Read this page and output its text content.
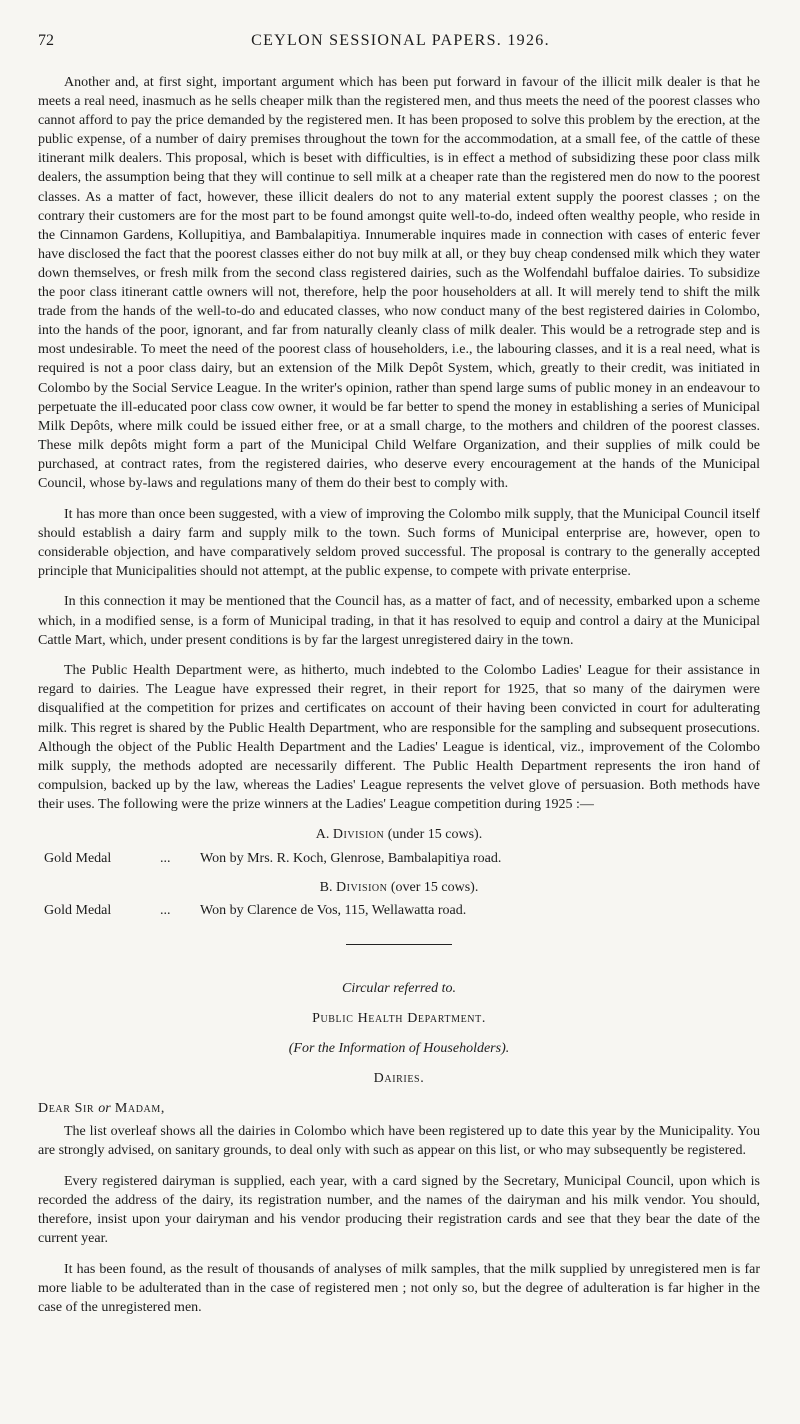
72	CEYLON SESSIONAL PAPERS. 1926.

Another and, at first sight, important argument which has been put forward in favour of the illicit milk dealer is that he meets a real need, inasmuch as he sells cheaper milk than the registered men, and thus meets the need of the poorest classes who cannot afford to pay the price demanded by the registered men. It has been proposed to solve this problem by the erection, at the public expense, of a number of dairy premises throughout the town for the accommodation, at a small fee, of the cattle of these itinerant milk dealers. This proposal, which is beset with difficulties, is in effect a method of subsidizing these poor class milk dealers, the assumption being that they will continue to sell milk at a cheaper rate than the registered men do now to the poorest classes. As a matter of fact, however, these illicit dealers do not to any material extent supply the poorest classes ; on the contrary their customers are for the most part to be found amongst quite well-to-do, indeed often wealthy people, who reside in the Cinnamon Gardens, Kollupitiya, and Bambalapitiya. Innumerable inquires made in connection with cases of enteric fever have disclosed the fact that the poorest classes either do not buy milk at all, or they buy cheap condensed milk which they water down themselves, or fresh milk from the second class registered dairies, such as the Wolfendahl buffaloe dairies. To subsidize the poor class itinerant cattle owners will not, therefore, help the poor householders at all. It will merely tend to shift the milk trade from the hands of the well-to-do and educated classes, who now conduct many of the best registered dairies in Colombo, into the hands of the poor, ignorant, and far from naturally cleanly class of milk dealer. This would be a retrograde step and is most undesirable. To meet the need of the poorest class of householders, i.e., the labouring classes, and it is a real need, what is required is not a poor class dairy, but an extension of the Milk Depôt System, which, greatly to their credit, was initiated in Colombo by the Social Service League. In the writer's opinion, rather than spend large sums of public money in an endeavour to perpetuate the ill-educated poor class cow owner, it would be far better to spend the money in establishing a series of Municipal Milk Depôts, where milk could be issued either free, or at a small charge, to the mothers and children of the poorest classes. These milk depôts might form a part of the Municipal Child Welfare Organization, and their supplies of milk could be purchased, at contract rates, from the registered dairies, who deserve every encouragement at the hands of the Municipal Council, whose by-laws and regulations many of them do their best to comply with.

It has more than once been suggested, with a view of improving the Colombo milk supply, that the Municipal Council itself should establish a dairy farm and supply milk to the town. Such forms of Municipal enterprise are, however, open to considerable objection, and have comparatively seldom proved successful. The proposal is contrary to the generally accepted principle that Municipalities should not attempt, at the public expense, to compete with private enterprise.

In this connection it may be mentioned that the Council has, as a matter of fact, and of necessity, embarked upon a scheme which, in a modified sense, is a form of Municipal trading, in that it has resolved to equip and control a dairy at the Municipal Cattle Mart, which, under present conditions is by far the largest unregistered dairy in the town.

The Public Health Department were, as hitherto, much indebted to the Colombo Ladies' League for their assistance in regard to dairies. The League have expressed their regret, in their report for 1925, that so many of the dairymen were disqualified at the competition for prizes and certificates on account of their having been convicted in court for adulterating milk. This regret is shared by the Public Health Department, who are responsible for the sampling and subsequent prosecutions. Although the object of the Public Health Department and the Ladies' League is identical, viz., improvement of the Colombo milk supply, the methods adopted are necessarily different. The Public Health Department represents the iron hand of compulsion, backed up by the law, whereas the Ladies' League represents the velvet glove of persuasion. Both methods have their uses. The following were the prize winners at the Ladies' League competition during 1925 :—

A. Division (under 15 cows).
Gold Medal	...	Won by Mrs. R. Koch, Glenrose, Bambalapitiya road.
B. Division (over 15 cows).
Gold Medal	...	Won by Clarence de Vos, 115, Wellawatta road.
Circular referred to.
Public Health Department.
(For the Information of Householders).
Dairies.
Dear Sir or Madam,

The list overleaf shows all the dairies in Colombo which have been registered up to date this year by the Municipality. You are strongly advised, on sanitary grounds, to deal only with such as appear on this list, or who may subsequently be registered.

Every registered dairyman is supplied, each year, with a card signed by the Secretary, Municipal Council, upon which is recorded the address of the dairy, its registration number, and the names of the dairyman and his milk vendor. You should, therefore, insist upon your dairyman and his vendor producing their registration cards and see that they bear the date of the current year.

It has been found, as the result of thousands of analyses of milk samples, that the milk supplied by unregistered men is far more liable to be adulterated than in the case of registered men ; not only so, but the degree of adulteration is far higher in the case of the unregistered men.
